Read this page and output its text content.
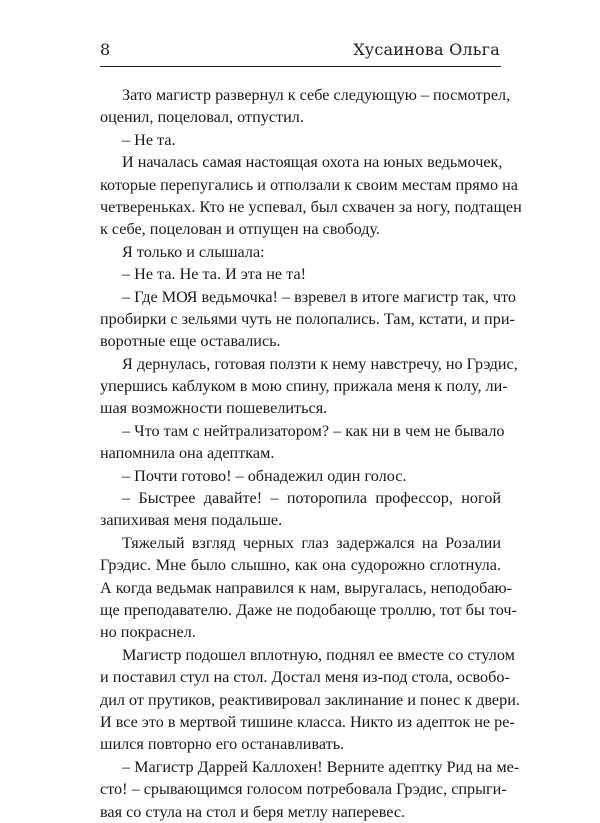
8	Хусаинова Ольга
Зато магистр развернул к себе следующую – посмотрел,
оценил, поцеловал, отпустил.
– Не та.
И началась самая настоящая охота на юных ведьмочек,
которые перепугались и отползали к своим местам прямо на
четвереньках. Кто не успевал, был схвачен за ногу, подтащен
к себе, поцелован и отпущен на свободу.
Я только и слышала:
– Не та. Не та. И эта не та!
– Где МОЯ ведьмочка! – взревел в итоге магистр так, что
пробирки с зельями чуть не полопались. Там, кстати, и при-
воротные еще оставались.
Я дернулась, готовая ползти к нему навстречу, но Грэдис,
упершись каблуком в мою спину, прижала меня к полу, ли-
шая возможности пошевелиться.
– Что там с нейтрализатором? – как ни в чем не бывало
напомнила она адепткам.
– Почти готово! – обнадежил один голос.
– Быстрее давайте! – поторопила профессор, ногой
запихивая меня подальше.
Тяжелый взгляд черных глаз задержался на Розалии
Грэдис. Мне было слышно, как она судорожно сглотнула.
А когда ведьмак направился к нам, выругалась, неподобаю-
ще преподавателю. Даже не подобающе троллю, тот бы точ-
но покраснел.
Магистр подошел вплотную, поднял ее вместе со стулом
и поставил стул на стол. Достал меня из-под стола, освобо-
дил от прутиков, реактивировал заклинание и понес к двери.
И все это в мертвой тишине класса. Никто из адепток не ре-
шился повторно его останавливать.
– Магистр Даррей Каллохен! Верните адептку Рид на ме-
сто! – срывающимся голосом потребовала Грэдис, спрыги-
вая со стула на стол и беря метлу наперевес.
